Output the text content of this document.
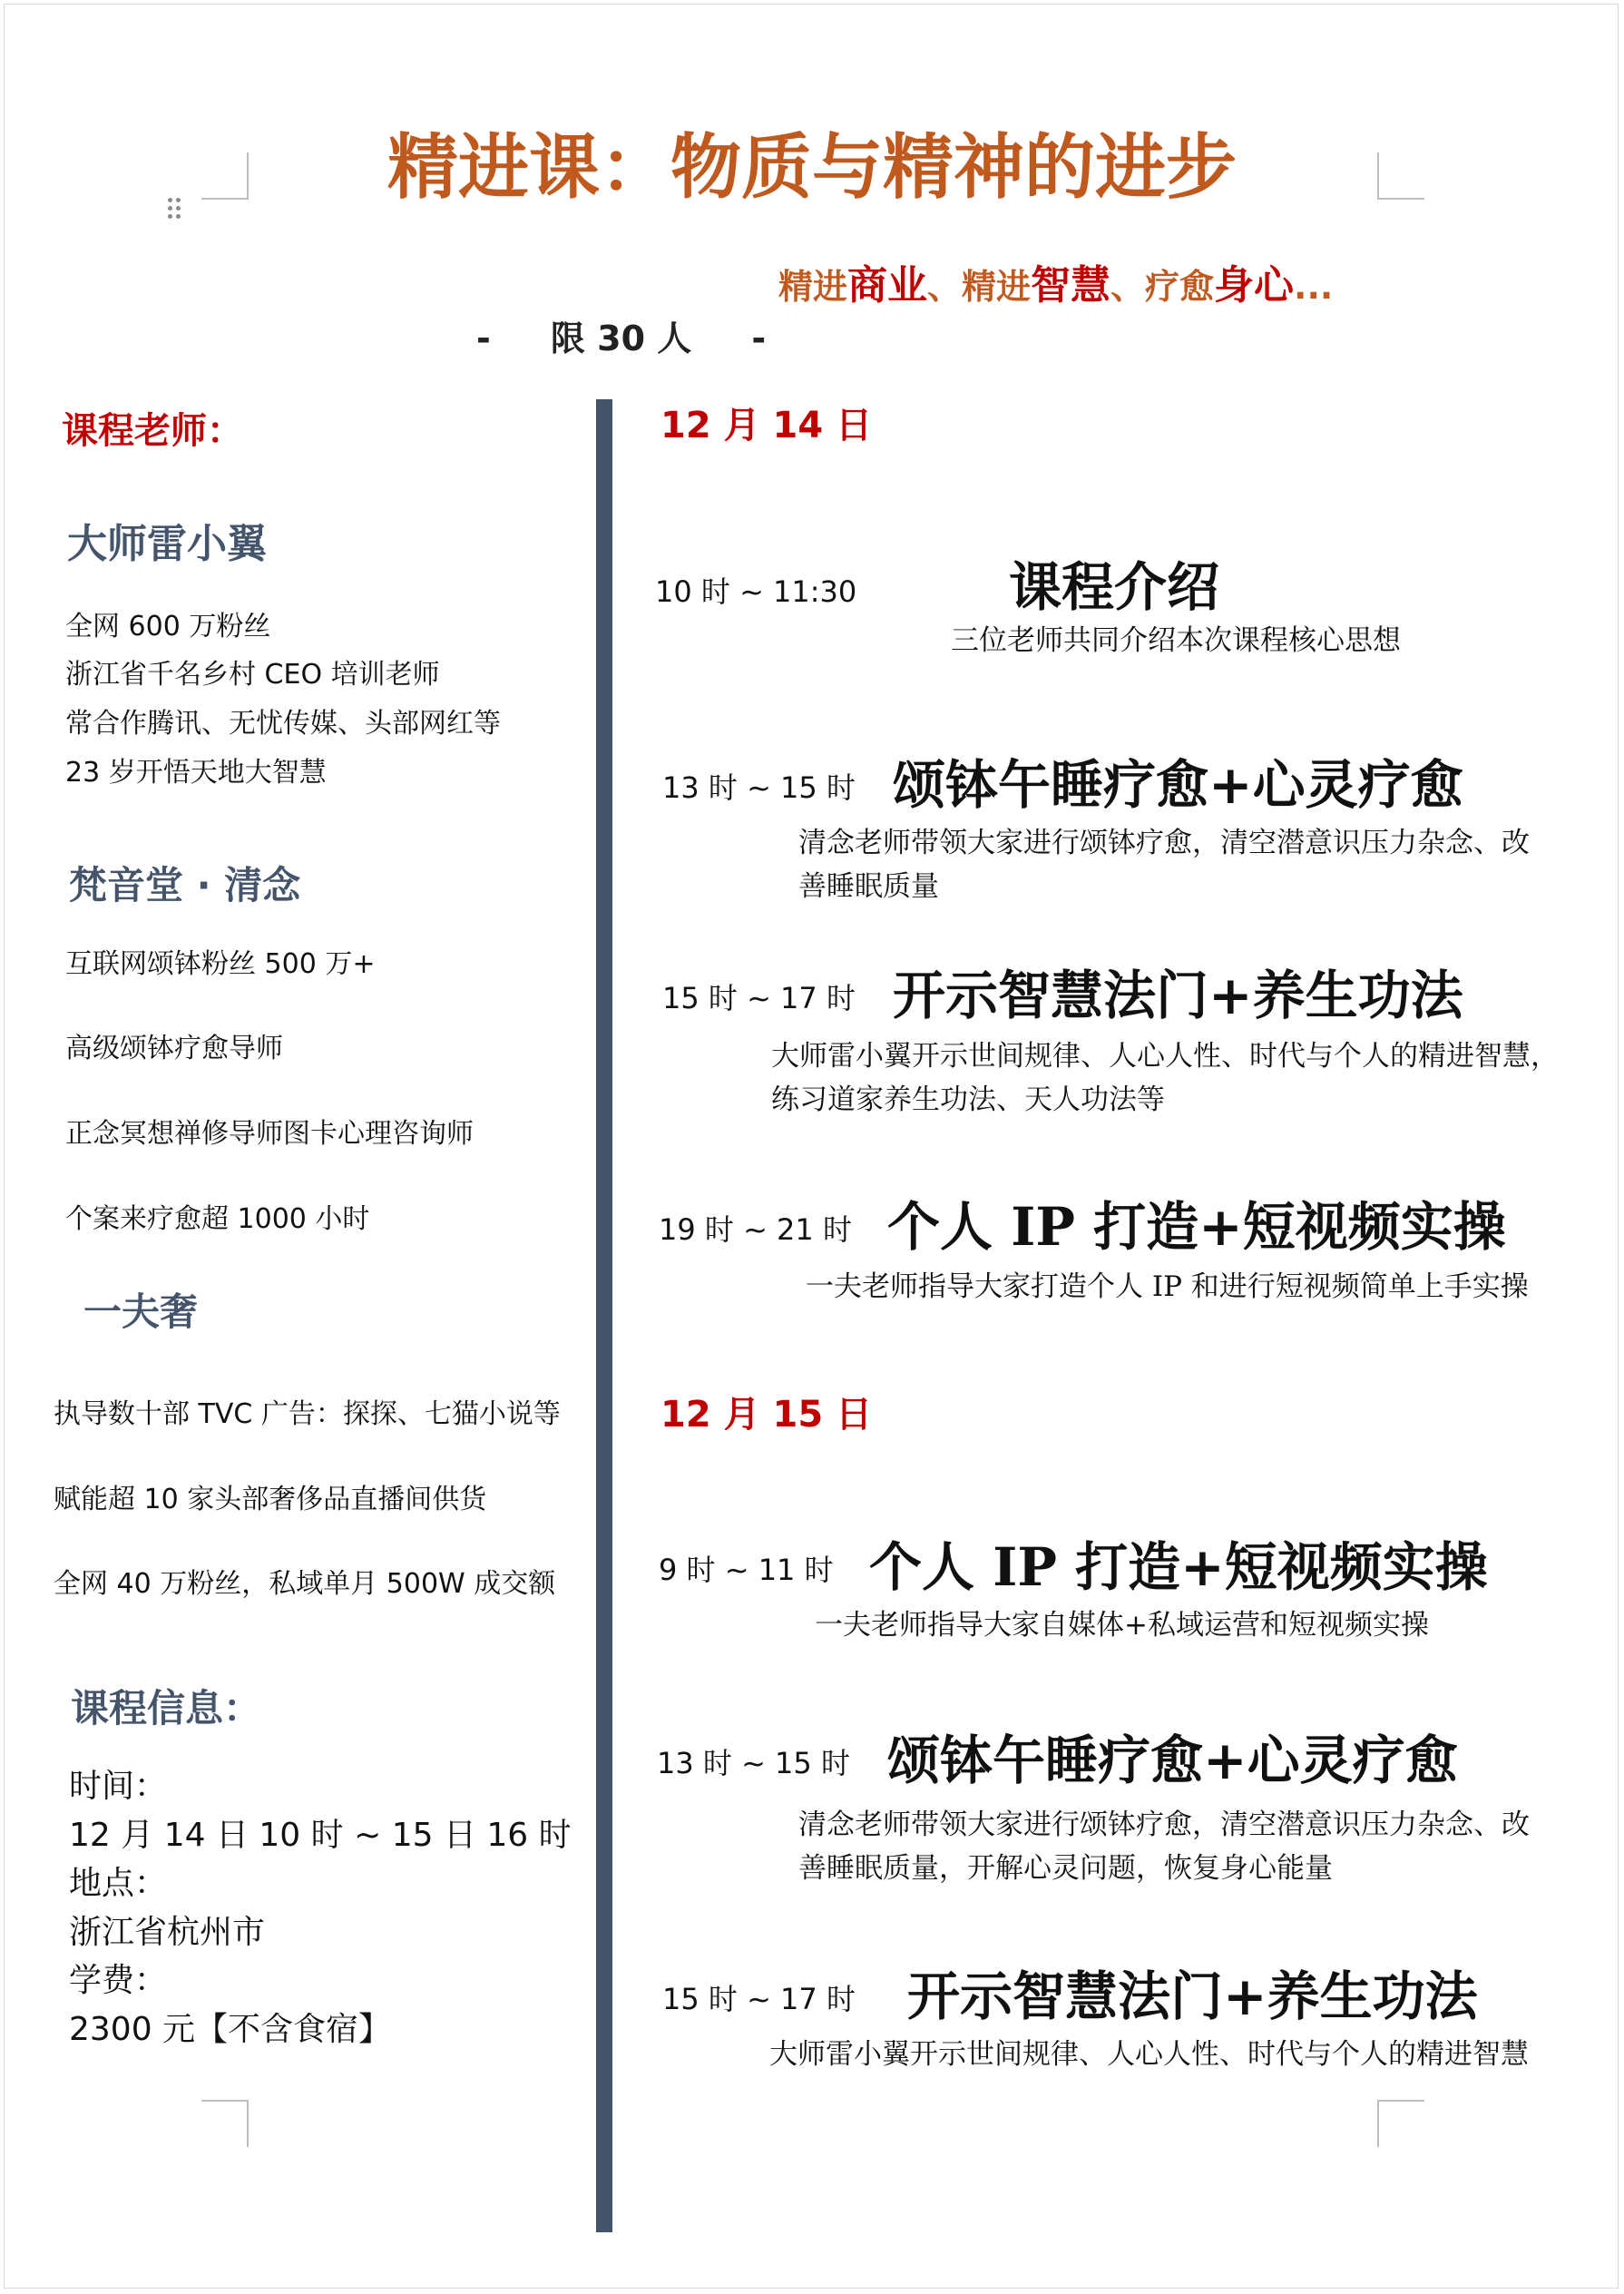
精进课：物质与精神的进步
精进商业、精进智慧、疗愈身心...
-     限 30 人     -
课程老师：
大师雷小翼
全网 600 万粉丝
浙江省千名乡村 CEO 培训老师
常合作腾讯、无忧传媒、头部网红等
23 岁开悟天地大智慧
梵音堂 · 清念
互联网颂钵粉丝 500 万+
高级颂钵疗愈导师
正念冥想禅修导师图卡心理咨询师
个案来疗愈超 1000 小时
一夫奢
执导数十部 TVC 广告：探探、七猫小说等
赋能超 10 家头部奢侈品直播间供货
全网 40 万粉丝，私域单月 500W 成交额
课程信息：
时间：
12 月 14 日 10 时 ~ 15 日 16 时
地点：
浙江省杭州市
学费：
2300 元【不含食宿】
12 月 14 日
10 时 ~ 11:30	课程介绍
三位老师共同介绍本次课程核心思想
13 时 ~ 15 时 颂钵午睡疗愈+心灵疗愈
清念老师带领大家进行颂钵疗愈，清空潜意识压力杂念、改
善睡眠质量
15 时 ~ 17 时 开示智慧法门+养生功法
大师雷小翼开示世间规律、人心人性、时代与个人的精进智慧，
练习道家养生功法、天人功法等
19 时 ~ 21 时 个人 IP 打造+短视频实操
一夫老师指导大家打造个人 IP 和进行短视频简单上手实操
12 月 15 日
9 时 ~ 11 时 个人 IP 打造+短视频实操
一夫老师指导大家自媒体+私域运营和短视频实操
13 时 ~ 15 时 颂钵午睡疗愈+心灵疗愈
清念老师带领大家进行颂钵疗愈，清空潜意识压力杂念、改
善睡眠质量，开解心灵问题，恢复身心能量
15 时 ~ 17 时 开示智慧法门+养生功法
大师雷小翼开示世间规律、人心人性、时代与个人的精进智慧
